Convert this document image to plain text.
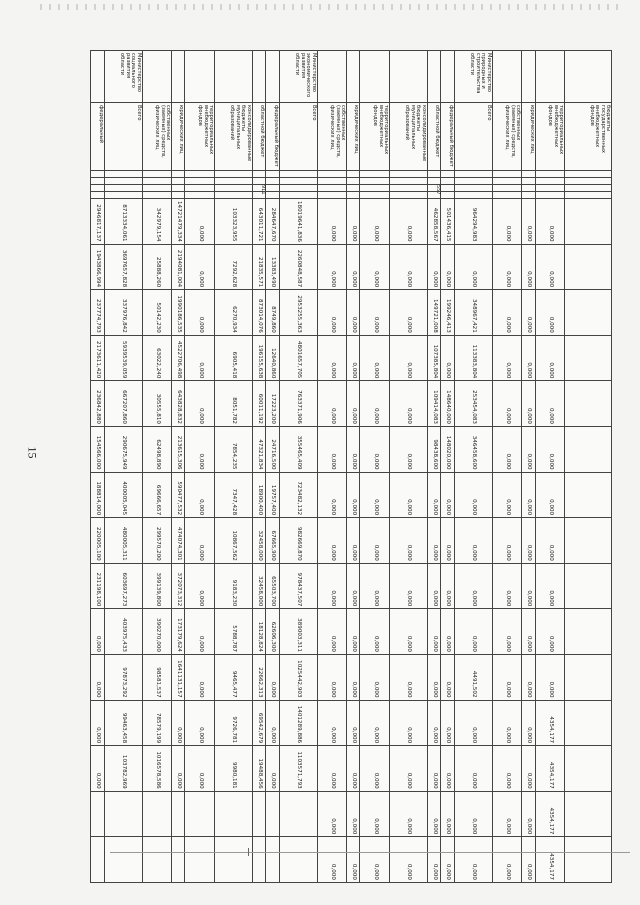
15
	бюджеты государственных внебюджетных фондов																			
	территориальных внебюджетных фондов					0,000	0,000	0,000	0,000	0,000	0,000	0,000	0,000	0,000	0,000	0,000	4354,177	4354,177	4354,177	4354,177
	юридических лиц					0,000	0,000	0,000	0,000	0,000	0,000	0,000	0,000	0,000	0,000	0,000	0,000	0,000	0,000	0,000
	собственных (заемных) средств, физических лиц					0,000	0,000	0,000	0,000	0,000	0,000	0,000	0,000	0,000	0,000	0,000	0,000	0,000	0,000	0,000
Министерство природных и строительства области	Всего					964294,983	0,000	348967,421	113383,804	253454,083	346458,600	0,000	0,000	0,000	0,000	4491,502	0,000	0,000	0,000	0,000
	федеральный бюджет					501436,415	0,000	199246,413	0,000	148640,000	148020,000	0,000	0,000	0,000	0,000	0,000	0,000	0,000	0,000	0,000
	областной бюджет			557		462858,567	0,000	149721,008	107385,804	109414,083	98438,600	0,000	0,000	0,000	0,000	0,000	0,000	0,000	0,000	0,000
	консолидированные бюджеты муниципальных образований					0,000	0,000	0,000	0,000	0,000	0,000	0,000	0,000	0,000	0,000	0,000	0,000	0,000	0,000	0,000
	территориальных внебюджетных фондов					0,000	0,000	0,000	0,000	0,000	0,000	0,000	0,000	0,000	0,000	0,000	0,000	0,000	0,000	0,000
	юридических лиц					0,000	0,000	0,000	0,000	0,000	0,000	0,000	0,000	0,000	0,000	0,000	0,000	0,000	0,000	0,000
	собственных (заемных) средств, физических лиц					0,000	0,000	0,000	0,000	0,000	0,000	0,000	0,000	0,000	0,000	0,000	0,000	0,000	0,000	0,000
Министерство экономического развития области	Всего					18019641,836	2260848,587	2953255,363	4801657,705	763371,906	355465,409	723482,132	982669,870	978437,507	389003,311	1025442,903	1401289,886	1103571,793		
	федеральный бюджет					284647,670	13383,490	8749,860	12640,860	17223,200	24716,500	19757,400	67665,900	65503,700	62606,300	0,000	0,000	0,000		
	областной бюджет			911		643011,721	21835,571	873014,076	196155,638	60011,192	47321,834	18900,400	32458,000	32458,000	18128,824	22662,313	69542,679	19488,456		
	консолидированные бюджеты муниципальных образований					103323,955	7292,628	6270,934	6905,418	8051,782	7854,235	7347,428	10867,562	9183,230	5788,787	9465,477	9726,781	9980,181		
	территориальных внебюджетных фондов					0,000	0,000	0,000	0,000	0,000	0,000	0,000	0,000	0,000	0,000	0,000	0,000	0,000		
	юридических лиц					14721479,334	2194081,004	1990186,535	4522706,498	643828,832	213615,306	590477,532	474074,301	372073,312	173179,624	1641131,157	0,000	0,000		
	собственных (заемных) средств, физических лиц					342979,154	25888,260	50142,230	63022,240	30555,810	62498,890	69666,657	299570,200	399139,800	390270,000	98581,537	78579,199	1016578,586		
Министерство социального развития области	Всего					8713334,061	3697657,828	337976,842	5939539,059	667207,860	290675,949	400005,045	480005,311	603697,273	403975,433	97873,292	99463,458	103782,969		
	федеральный					2946817,137	1943866,994	237774,793	2173611,420	236842,880	154566,000	188814,000	220005,100	231198,100	0,000	0,000	0,000	0,000		
